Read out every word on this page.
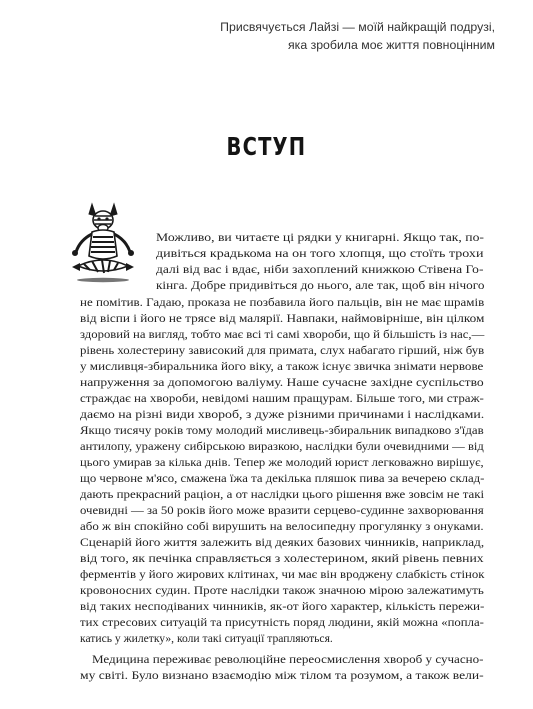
Присвячується Лайзі — моїй найкращій подрузі,
яка зробила моє життя повноцінним
ВСТУП
Можливо, ви читаєте ці рядки у книгарні. Якщо так, по-
дивіться крадькома на он того хлопця, що стоїть трохи
далі від вас і вдає, ніби захоплений книжкою Стівена Го-
кінга. Добре придивіться до нього, але так, щоб він нічого
не помітив. Гадаю, проказа не позбавила його пальців, він не має шрамів
від віспи і його не трясе від малярії. Навпаки, наймовірніше, він цілком
здоровий на вигляд, тобто має всі ті самі хвороби, що й більшість із нас,—
рівень холестерину зависокий для примата, слух набагато гірший, ніж був
у мисливця-збиральника його віку, а також існує звичка знімати нервове
напруження за допомогою валіуму. Наше сучасне західне суспільство
страждає на хвороби, невідомі нашим пращурам. Більше того, ми страж-
даємо на різні види хвороб, з дуже різними причинами і наслідками.
Якщо тисячу років тому молодий мисливець-збиральник випадково з'їдав
антилопу, уражену сибірською виразкою, наслідки були очевидними — від
цього умирав за кілька днів. Тепер же молодий юрист легковажно вирішує,
що червоне м'ясо, смажена їжа та декілька пляшок пива за вечерею склад-
дають прекрасний раціон, а от наслідки цього рішення вже зовсім не такі
очевидні — за 50 років його може вразити серцево-судинне захворювання
або ж він спокійно собі вирушить на велосипедну прогулянку з онуками.
Сценарій його життя залежить від деяких базових чинників, наприклад,
від того, як печінка справляється з холестерином, який рівень певних
ферментів у його жирових клітинах, чи має він вроджену слабкість стінок
кровоносних судин. Проте наслідки також значною мірою залежатимуть
від таких несподіваних чинників, як-от його характер, кількість пережи-
тих стресових ситуацій та присутність поряд людини, якій можна «попла-
катись у жилетку», коли такі ситуації трапляються.
Медицина переживає революційне переосмислення хвороб у сучасно-
му світі. Було визнано взаємодію між тілом та розумом, а також вели-
